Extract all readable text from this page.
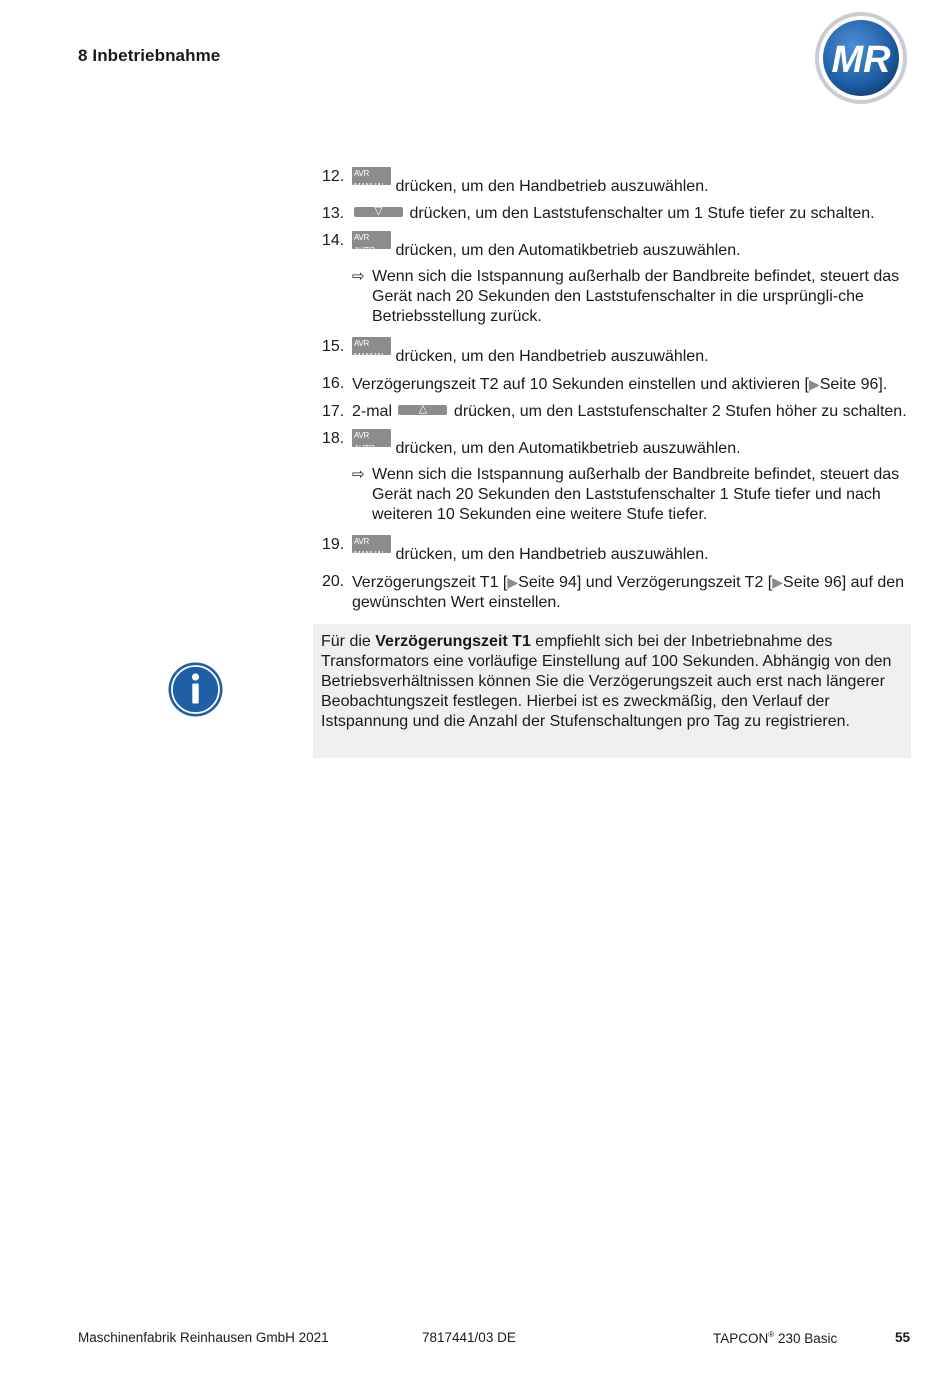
8 Inbetriebnahme	MR
12.	AVR MANUAL drücken, um den Handbetrieb auszuwählen.
13.	▽	drücken, um den Laststufenschalter um 1 Stufe tiefer zu schalten.
14.	AVR AUTO drücken, um den Automatikbetrieb auszuwählen.
⇨ Wenn sich die Istspannung außerhalb der Bandbreite befindet, steuert das Gerät nach 20 Sekunden den Laststufenschalter in die ursprüngli-che Betriebsstellung zurück.
15.	AVR MANUAL drücken, um den Handbetrieb auszuwählen.
16. Verzögerungszeit T2 auf 10 Sekunden einstellen und aktivieren [▶Seite 96].
17. 2-mal	△	drücken, um den Laststufenschalter 2 Stufen höher zu schalten.
18.	AVR AUTO drücken, um den Automatikbetrieb auszuwählen.
⇨ Wenn sich die Istspannung außerhalb der Bandbreite befindet, steuert das Gerät nach 20 Sekunden den Laststufenschalter 1 Stufe tiefer und nach weiteren 10 Sekunden eine weitere Stufe tiefer.
19.	AVR MANUAL drücken, um den Handbetrieb auszuwählen.
20. Verzögerungszeit T1 [▶Seite 94] und Verzögerungszeit T2 [▶Seite 96] auf den gewünschten Wert einstellen.
Für die Verzögerungszeit T1 empfiehlt sich bei der Inbetriebnahme des Transformators eine vorläufige Einstellung auf 100 Sekunden. Abhängig von den Betriebsverhältnissen können Sie die Verzögerungszeit auch erst nach längerer Beobachtungszeit festlegen. Hierbei ist es zweckmäßig, den Verlauf der Istspannung und die Anzahl der Stufenschaltungen pro Tag zu registrieren.
Maschinenfabrik Reinhausen GmbH 2021	7817441/03 DE	TAPCON® 230 Basic	55
